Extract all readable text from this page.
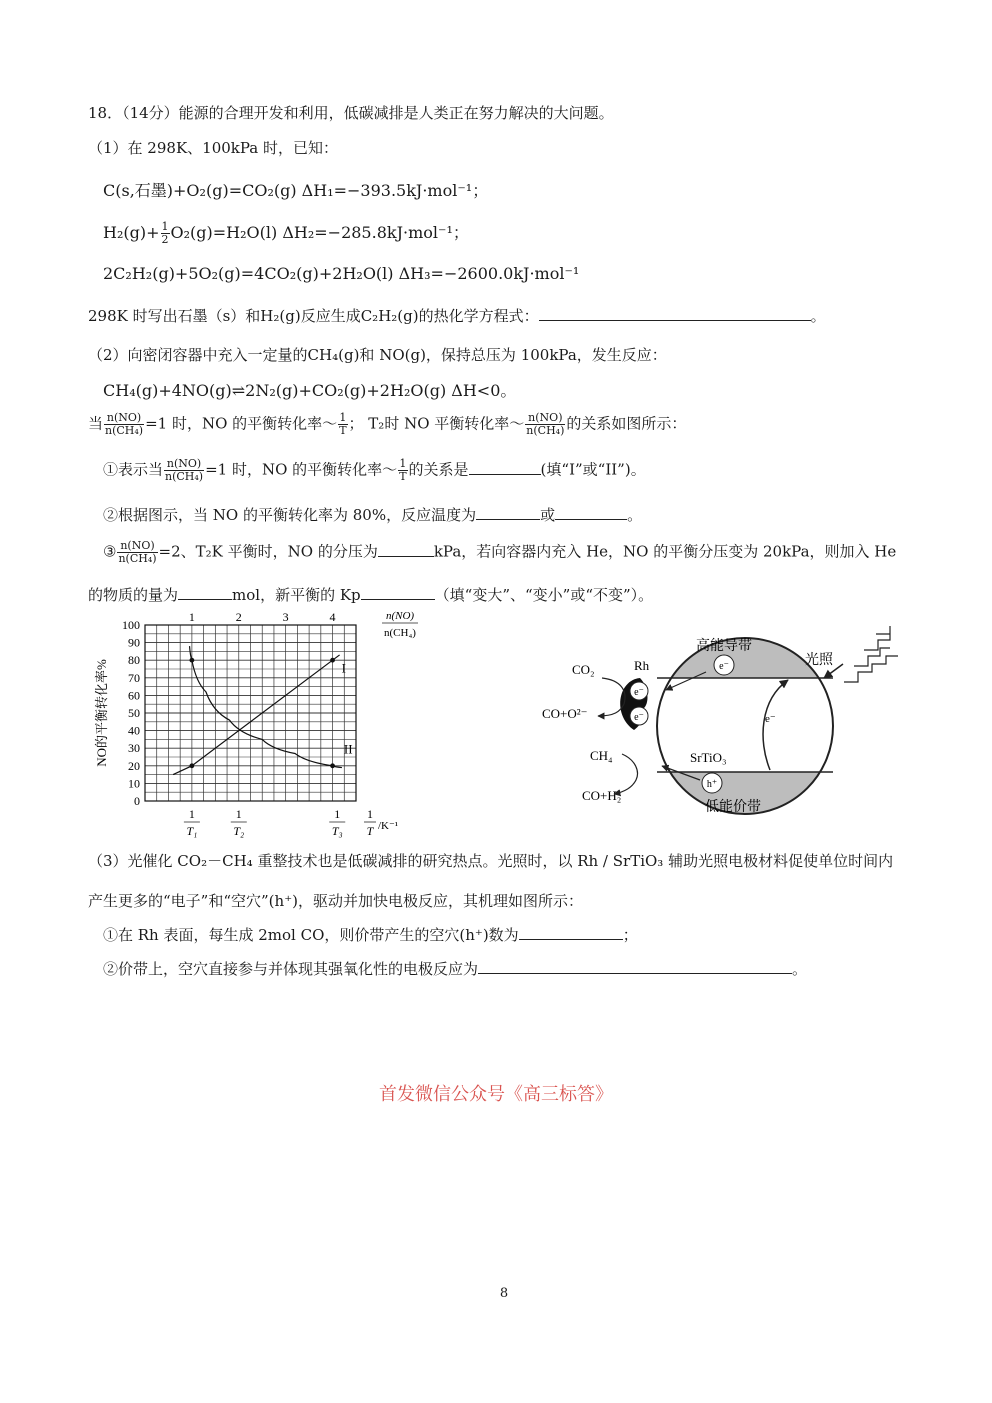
18．（14分）能源的合理开发和利用，低碳减排是人类正在努力解决的大问题。
（1）在 298K、100kPa 时，已知：
C(s,石墨)+O₂(g)=CO₂(g) ΔH₁=−393.5kJ·mol⁻¹；
$H_2(g)+ \frac{1}{2} O_2(g)=H_2O(l)$ ΔH₂=−285.8kJ·mol⁻¹；
2C₂H₂(g)+5O₂(g)=4CO₂(g)+2H₂O(l) ΔH₃=−2600.0kJ·mol⁻¹
298K 时写出石墨（s）和H₂(g)反应生成C₂H₂(g)的热化学方程式：	。
（2）向密闭容器中充入一定量的CH₄(g)和 NO(g)，保持总压为 100kPa，发生反应：
CH₄(g)+4NO(g)⇌2N₂(g)+CO₂(g)+2H₂O(g) ΔH<0。
当 $\frac{n(NO)}{\text{n(CH₄)}} =1$ 时，NO 的平衡转化率～ $\frac{1}{T}$ ； T₂时 NO 平衡转化率～ $\frac{n(NO)}{\text{n(CH₄)}}$ 的关系如图所示：
①表示当 $\frac{n(NO)}{\text{n(CH₄)}} =1$ 时，NO 的平衡转化率～ $\frac{1}{T}$ 的关系是	(填“I”或“II”)。
②根据图示，当 NO 的平衡转化率为 80%，反应温度为	或	。
③ $\frac{n(NO)}{\text{n(CH₄)}} =2$、T₂K 平衡时，NO 的分压为	kPa，若向容器内充入 He，NO 的平衡分压变为 20kPa，则加入 He
的物质的量为	mol，新平衡的 Kp	（填“变大”、“变小”或“不变”）。
0
10
20
30
40
50
60
70
80
90
100
NO的平衡转化率%
1	2	3	4	n(NO)
n(CH₄)
1
T₁
1
T₂
1
T₃
1
T /K⁻¹
I
II
e⁻
e⁻
e⁻
h⁺
高能导带
低能价带
SrTiO₃
e⁻
Rh
CO₂
CO+O²⁻
CH₄
CO+H₂
光照
（3）光催化 CO₂－CH₄ 重整技术也是低碳减排的研究热点。光照时，以 Rh / SrTiO₃ 辅助光照电极材料促使单位时间内
产生更多的“电子”和“空穴”(h⁺)，驱动并加快电极反应，其机理如图所示：
①在 Rh 表面，每生成 2mol CO，则价带产生的空穴(h⁺)数为	；
②价带上，空穴直接参与并体现其强氧化性的电极反应为	。
首发微信公众号《高三标答》
8
